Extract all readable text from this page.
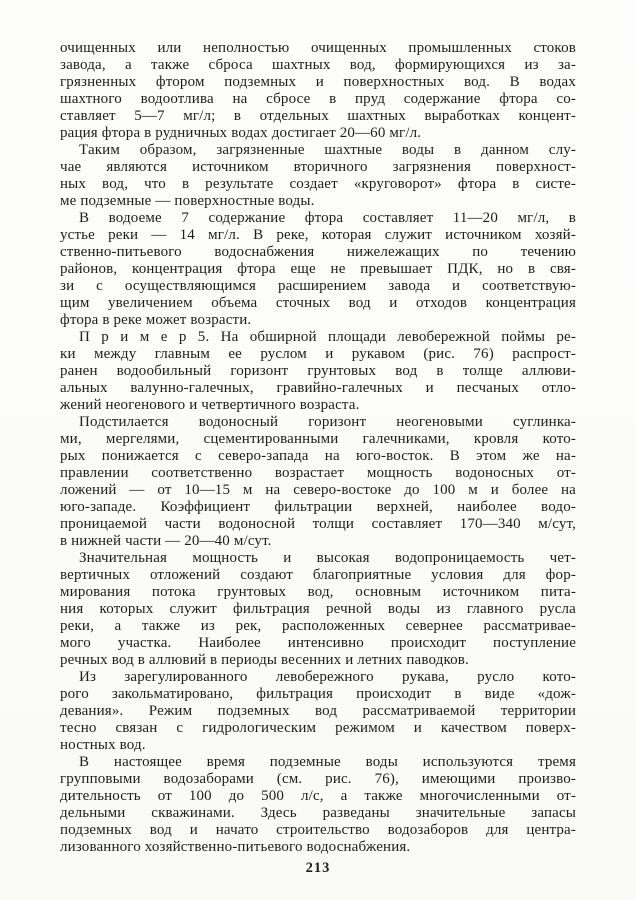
очищенных или неполностью очищенных промышленных стоков
завода, а также сброса шахтных вод, формирующихся из за-
грязненных фтором подземных и поверхностных вод. В водах
шахтного водоотлива на сбросе в пруд содержание фтора со-
ставляет 5—7 мг/л; в отдельных шахтных выработках концент-
рация фтора в рудничных водах достигает 20—60 мг/л.
Таким образом, загрязненные шахтные воды в данном слу-
чае являются источником вторичного загрязнения поверхност-
ных вод, что в результате создает «круговорот» фтора в систе-
ме подземные — поверхностные воды.
В водоеме 7 содержание фтора составляет 11—20 мг/л, в
устье реки — 14 мг/л. В реке, которая служит источником хозяй-
ственно-питьевого водоснабжения нижележащих по течению
районов, концентрация фтора еще не превышает ПДК, но в свя-
зи с осуществляющимся расширением завода и соответствую-
щим увеличением объема сточных вод и отходов концентрация
фтора в реке может возрасти.
П р и м е р 5. На обширной площади левобережной поймы ре-
ки между главным ее руслом и рукавом (рис. 76) распрост-
ранен водообильный горизонт грунтовых вод в толще аллюви-
альных валунно-галечных, гравийно-галечных и песчаных отло-
жений неогенового и четвертичного возраста.
Подстилается водоносный горизонт неогеновыми суглинка-
ми, мергелями, сцементированными галечниками, кровля кото-
рых понижается с северо-запада на юго-восток. В этом же на-
правлении соответственно возрастает мощность водоносных от-
ложений — от 10—15 м на северо-востоке до 100 м и более на
юго-западе. Коэффициент фильтрации верхней, наиболее водо-
проницаемой части водоносной толщи составляет 170—340 м/сут,
в нижней части — 20—40 м/сут.
Значительная мощность и высокая водопроницаемость чет-
вертичных отложений создают благоприятные условия для фор-
мирования потока грунтовых вод, основным источником пита-
ния которых служит фильтрация речной воды из главного русла
реки, а также из рек, расположенных севернее рассматривае-
мого участка. Наиболее интенсивно происходит поступление
речных вод в аллювий в периоды весенних и летних паводков.
Из зарегулированного левобережного рукава, русло кото-
рого закольматировано, фильтрация происходит в виде «дож-
девания». Режим подземных вод рассматриваемой территории
тесно связан с гидрологическим режимом и качеством поверх-
ностных вод.
В настоящее время подземные воды используются тремя
групповыми водозаборами (см. рис. 76), имеющими произво-
дительность от 100 до 500 л/с, а также многочисленными от-
дельными скважинами. Здесь разведаны значительные запасы
подземных вод и начато строительство водозаборов для центра-
лизованного хозяйственно-питьевого водоснабжения.
213
